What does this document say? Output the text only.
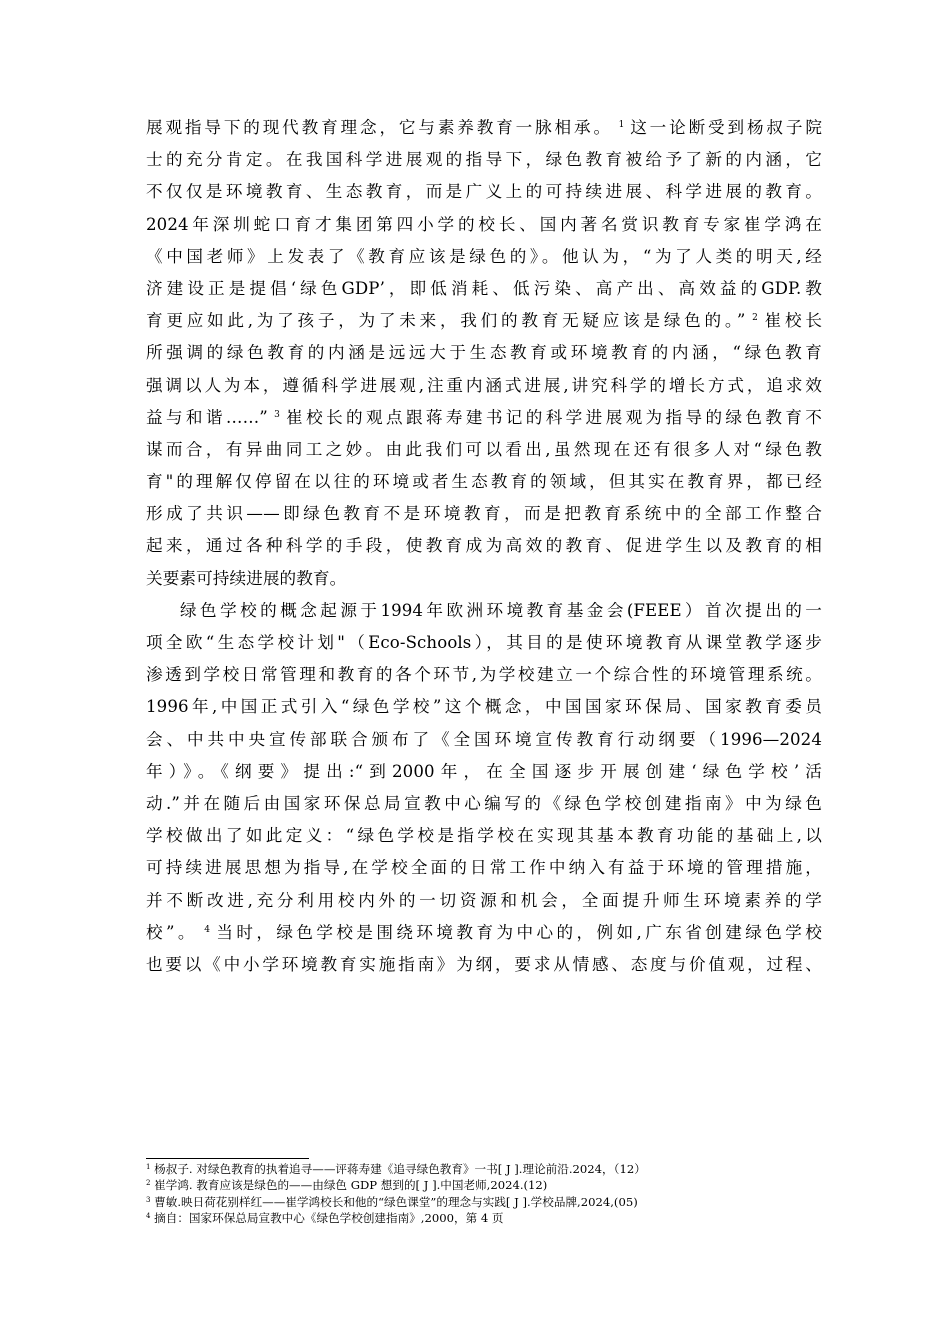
展观指导下的现代教育理念，它与素养教育一脉相承。 $^1$ 这一论断受到杨叔子院
士的充分肯定。在我国科学进展观的指导下，绿色教育被给予了新的内涵，它
不仅仅是环境教育、生态教育，而是广义上的可持续进展、科学进展的教育。
2024年深圳蛇口育才集团第四小学的校长、国内著名赏识教育专家崔学鸿在
《中国老师》上发表了《教育应该是绿色的》。他认为，“为了人类的明天,经
济建设正是提倡‘绿色GDP’，即低消耗、低污染、高产出、高效益的GDP.教
育更应如此,为了孩子，为了未来，我们的教育无疑应该是绿色的。” $^2$ 崔校长
所强调的绿色教育的内涵是远远大于生态教育或环境教育的内涵，“绿色教育
强调以人为本，遵循科学进展观,注重内涵式进展,讲究科学的增长方式，追求效
益与和谐……” $^3$ 崔校长的观点跟蒋寿建书记的科学进展观为指导的绿色教育不
谋而合，有异曲同工之妙。由此我们可以看出,虽然现在还有很多人对“绿色教
育"的理解仅停留在以往的环境或者生态教育的领域，但其实在教育界，都已经
形成了共识——即绿色教育不是环境教育，而是把教育系统中的全部工作整合
起来，通过各种科学的手段，使教育成为高效的教育、促进学生以及教育的相
关要素可持续进展的教育。
绿色学校的概念起源于1994年欧洲环境教育基金会(FEEE）首次提出的一
项全欧“生态学校计划"（Eco-Schools），其目的是使环境教育从课堂教学逐步
渗透到学校日常管理和教育的各个环节,为学校建立一个综合性的环境管理系统。
1996年,中国正式引入“绿色学校”这个概念，中国国家环保局、国家教育委员
会、中共中央宣传部联合颁布了《全国环境宣传教育行动纲要（1996—2024
年）》。《纲要》提出:“到2000年，在全国逐步开展创建‘绿色学校’活
动.”并在随后由国家环保总局宣教中心编写的《绿色学校创建指南》中为绿色
学校做出了如此定义：“绿色学校是指学校在实现其基本教育功能的基础上,以
可持续进展思想为指导,在学校全面的日常工作中纳入有益于环境的管理措施，
并不断改进,充分利用校内外的一切资源和机会，全面提升师生环境素养的学
校”。 $^4$ 当时，绿色学校是围绕环境教育为中心的，例如,广东省创建绿色学校
也要以《中小学环境教育实施指南》为纲，要求从情感、态度与价值观，过程、
$^1$ 杨叔子. 对绿色教育的执着追寻——评蒋寿建《追寻绿色教育》一书[ J ].理论前沿.2024，（12）
$^2$ 崔学鸿. 教育应该是绿色的——由绿色 GDP 想到的[ J ].中国老师,2024.(12)
$^3$ 曹敏.映日荷花别样红——崔学鸿校长和他的“绿色课堂”的理念与实践[ J ].学校品牌,2024,(05)
$^4$ 摘自：国家环保总局宣教中心《绿色学校创建指南》,2000，第 4 页
